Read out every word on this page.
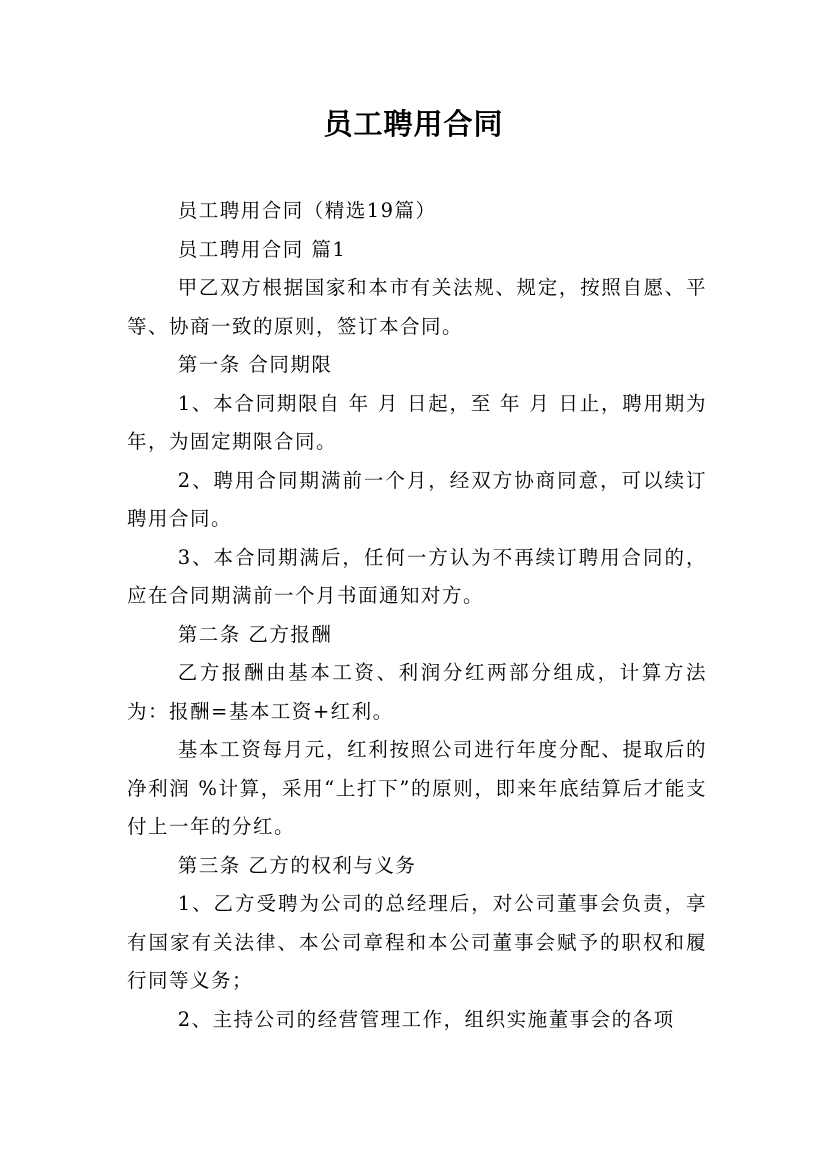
员工聘用合同

员工聘用合同（精选19篇）

员工聘用合同 篇1

甲乙双方根据国家和本市有关法规、规定，按照自愿、平等、协商一致的原则，签订本合同。

第一条 合同期限

1、本合同期限自 年 月 日起，至 年 月 日止，聘用期为 年，为固定期限合同。

2、聘用合同期满前一个月，经双方协商同意，可以续订聘用合同。

3、本合同期满后，任何一方认为不再续订聘用合同的，应在合同期满前一个月书面通知对方。

第二条 乙方报酬

乙方报酬由基本工资、利润分红两部分组成，计算方法为：报酬=基本工资+红利。

基本工资每月元，红利按照公司进行年度分配、提取后的净利润 %计算，采用“上打下”的原则，即来年底结算后才能支付上一年的分红。

第三条 乙方的权利与义务

1、乙方受聘为公司的总经理后，对公司董事会负责，享有国家有关法律、本公司章程和本公司董事会赋予的职权和履行同等义务；

2、主持公司的经营管理工作，组织实施董事会的各项
